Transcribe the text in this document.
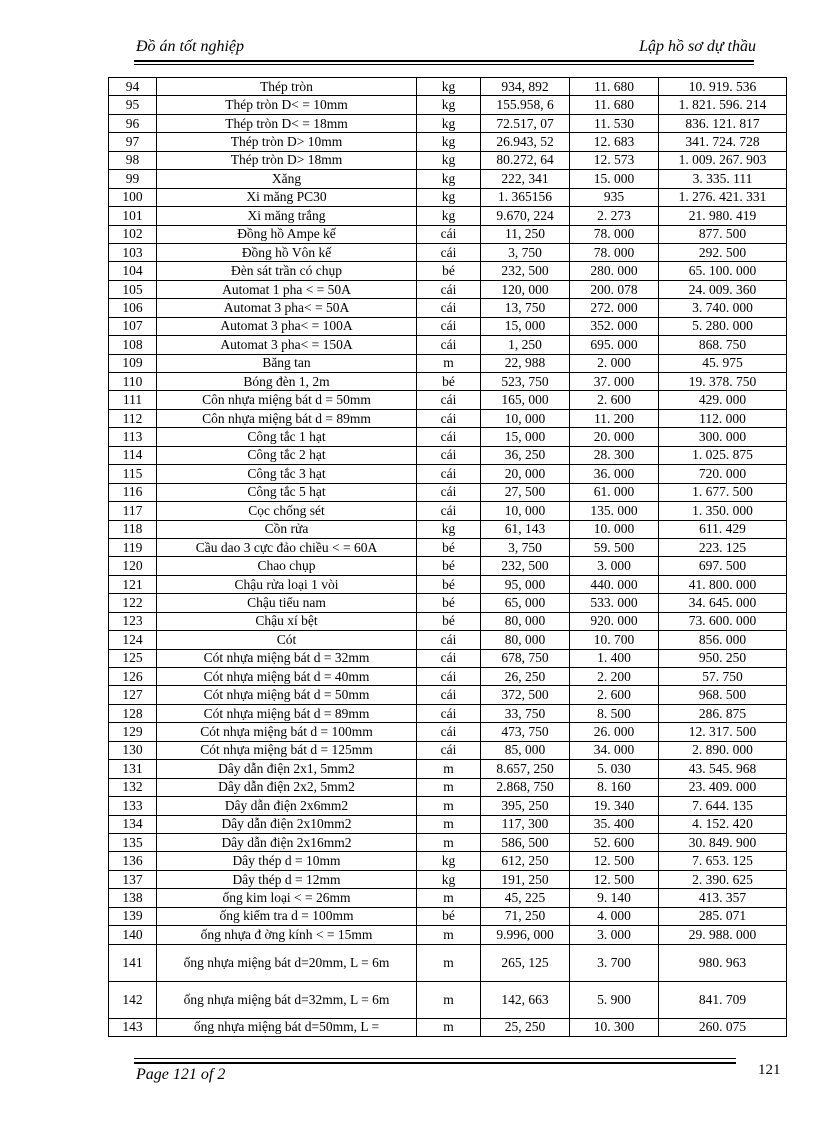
Đồ án tốt nghiệp	Lập hồ sơ dự thầu
94	Thép tròn	kg	934, 892	11. 680	10. 919. 536
95	Thép tròn D< = 10mm	kg	155.958, 6	11. 680	1. 821. 596. 214
96	Thép tròn D< = 18mm	kg	72.517, 07	11. 530	836. 121. 817
97	Thép tròn D> 10mm	kg	26.943, 52	12. 683	341. 724. 728
98	Thép tròn D> 18mm	kg	80.272, 64	12. 573	1. 009. 267. 903
99	Xăng	kg	222, 341	15. 000	3. 335. 111
100	Xi măng PC30	kg	1. 365156	935	1. 276. 421. 331
101	Xi măng trắng	kg	9.670, 224	2. 273	21. 980. 419
102	Đồng hồ Ampe kế	cái	11, 250	78. 000	877. 500
103	Đồng hồ Vôn kế	cái	3, 750	78. 000	292. 500
104	Đèn sát trần có chụp	bé	232, 500	280. 000	65. 100. 000
105	Automat 1 pha < = 50A	cái	120, 000	200. 078	24. 009. 360
106	Automat 3 pha< = 50A	cái	13, 750	272. 000	3. 740. 000
107	Automat 3 pha< = 100A	cái	15, 000	352. 000	5. 280. 000
108	Automat 3 pha< = 150A	cái	1, 250	695. 000	868. 750
109	Băng tan	m	22, 988	2. 000	45. 975
110	Bóng đèn 1, 2m	bé	523, 750	37. 000	19. 378. 750
111	Côn nhựa miệng bát d = 50mm	cái	165, 000	2. 600	429. 000
112	Côn nhựa miệng bát d = 89mm	cái	10, 000	11. 200	112. 000
113	Công tắc 1 hạt	cái	15, 000	20. 000	300. 000
114	Công tắc 2 hạt	cái	36, 250	28. 300	1. 025. 875
115	Công tắc 3 hạt	cái	20, 000	36. 000	720. 000
116	Công tắc 5 hạt	cái	27, 500	61. 000	1. 677. 500
117	Cọc chống sét	cái	10, 000	135. 000	1. 350. 000
118	Cồn rửa	kg	61, 143	10. 000	611. 429
119	Cầu dao 3 cực đảo chiều < = 60A	bé	3, 750	59. 500	223. 125
120	Chao chụp	bé	232, 500	3. 000	697. 500
121	Chậu rửa loại 1 vòi	bé	95, 000	440. 000	41. 800. 000
122	Chậu tiểu nam	bé	65, 000	533. 000	34. 645. 000
123	Chậu xí bệt	bé	80, 000	920. 000	73. 600. 000
124	Cót	cái	80, 000	10. 700	856. 000
125	Cót nhựa miệng bát d = 32mm	cái	678, 750	1. 400	950. 250
126	Cót nhựa miệng bát d = 40mm	cái	26, 250	2. 200	57. 750
127	Cót nhựa miệng bát d = 50mm	cái	372, 500	2. 600	968. 500
128	Cót nhựa miệng bát d = 89mm	cái	33, 750	8. 500	286. 875
129	Cót nhựa miệng bát d = 100mm	cái	473, 750	26. 000	12. 317. 500
130	Cót nhựa miệng bát d = 125mm	cái	85, 000	34. 000	2. 890. 000
131	Dây dẫn điện 2x1, 5mm2	m	8.657, 250	5. 030	43. 545. 968
132	Dây dẫn điện 2x2, 5mm2	m	2.868, 750	8. 160	23. 409. 000
133	Dây dẫn điện 2x6mm2	m	395, 250	19. 340	7. 644. 135
134	Dây dẫn điện 2x10mm2	m	117, 300	35. 400	4. 152. 420
135	Dây dẫn điện 2x16mm2	m	586, 500	52. 600	30. 849. 900
136	Dây thép d = 10mm	kg	612, 250	12. 500	7. 653. 125
137	Dây thép d = 12mm	kg	191, 250	12. 500	2. 390. 625
138	ống kim loại < = 26mm	m	45, 225	9. 140	413. 357
139	ống kiểm tra d = 100mm	bé	71, 250	4. 000	285. 071
140	ống nhựa đ ờng kính < = 15mm	m	9.996, 000	3. 000	29. 988. 000
141	ống nhựa miệng bát d=20mm, L = 6m	m	265, 125	3. 700	980. 963
142	ống nhựa miệng bát d=32mm, L = 6m	m	142, 663	5. 900	841. 709
143	ống nhựa miệng bát d=50mm, L =	m	25, 250	10. 300	260. 075
Page 121 of 2	121
